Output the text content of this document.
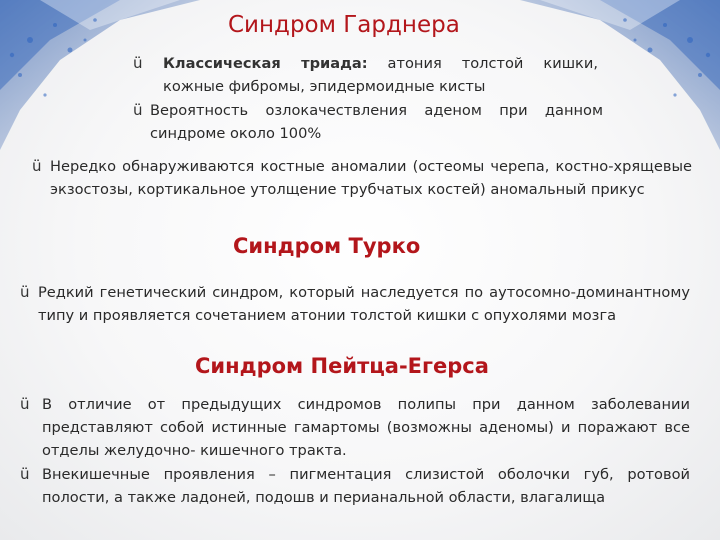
Синдром Гарднера
ü	Классическая триада: атония толстой кишки, кожные фибромы, эпидермоидные кисты
ü Вероятность озлокачествления аденом при данном синдроме около 100%
ü Нередко обнаруживаются костные аномалии (остеомы черепа, костно-хрящевые экзостозы, кортикальное утолщение трубчатых костей) аномальный прикус
Синдром Турко
ü Редкий генетический синдром, который наследуется по аутосомно-доминантному типу и проявляется сочетанием атонии толстой кишки с опухолями мозга
Синдром Пейтца-Егерса
ü В отличие от предыдущих синдромов полипы при данном заболевании представляют собой истинные гамартомы (возможны аденомы) и поражают все отделы желудочно- кишечного тракта.
ü Внекишечные проявления – пигментация слизистой оболочки губ, ротовой полости, а также ладоней, подошв и перианальной области, влагалища
